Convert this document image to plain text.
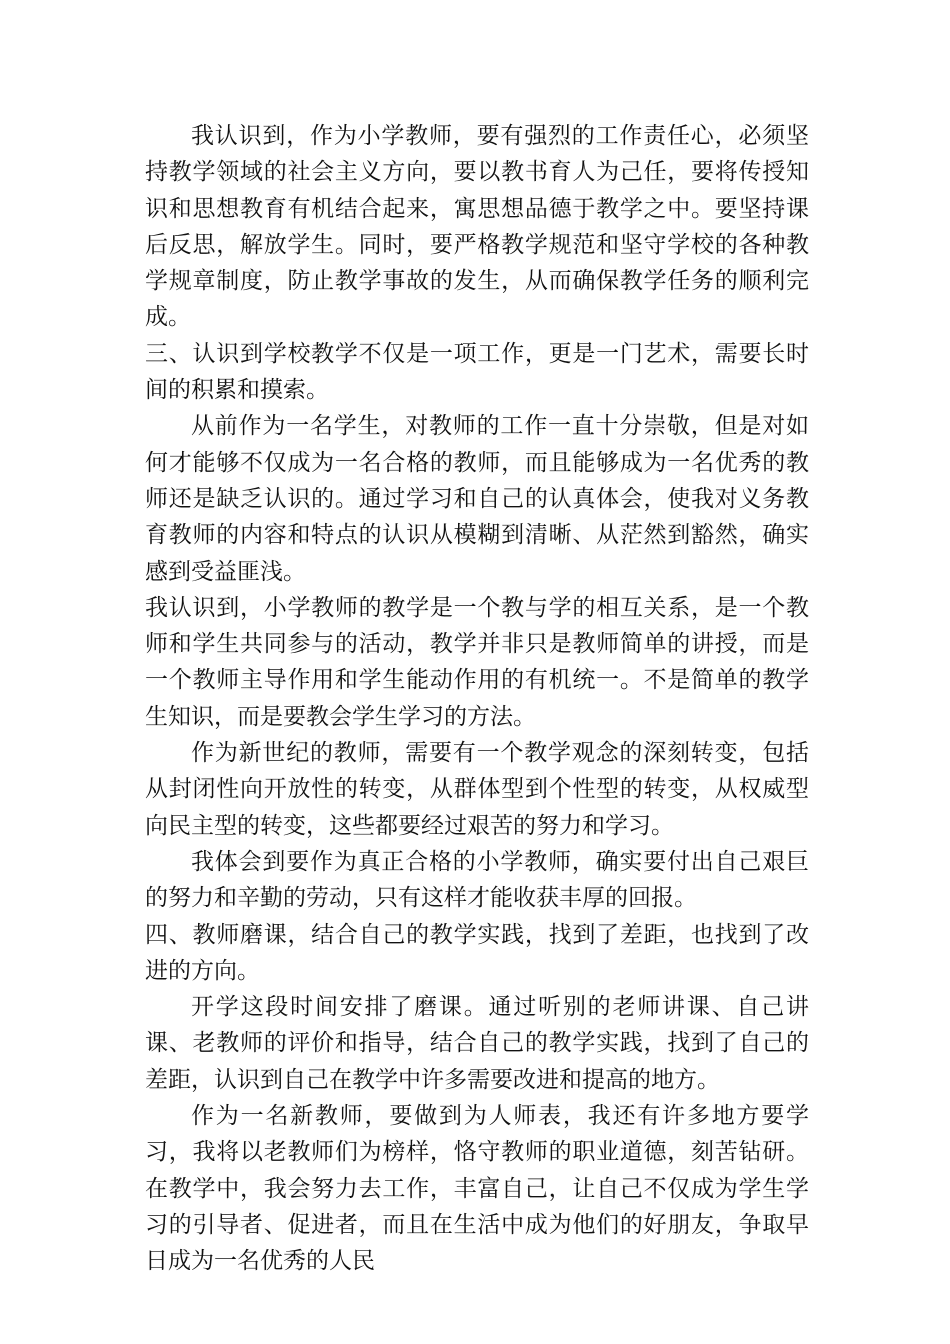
我认识到，作为小学教师，要有强烈的工作责任心，必须坚持教学领域的社会主义方向，要以教书育人为己任，要将传授知识和思想教育有机结合起来，寓思想品德于教学之中。要坚持课后反思，解放学生。同时，要严格教学规范和坚守学校的各种教学规章制度，防止教学事故的发生，从而确保教学任务的顺利完成。

三、认识到学校教学不仅是一项工作，更是一门艺术，需要长时间的积累和摸索。

从前作为一名学生，对教师的工作一直十分崇敬，但是对如何才能够不仅成为一名合格的教师，而且能够成为一名优秀的教师还是缺乏认识的。通过学习和自己的认真体会，使我对义务教育教师的内容和特点的认识从模糊到清晰、从茫然到豁然，确实感到受益匪浅。

我认识到，小学教师的教学是一个教与学的相互关系，是一个教师和学生共同参与的活动，教学并非只是教师简单的讲授，而是一个教师主导作用和学生能动作用的有机统一。不是简单的教学生知识，而是要教会学生学习的方法。

作为新世纪的教师，需要有一个教学观念的深刻转变，包括从封闭性向开放性的转变，从群体型到个性型的转变，从权威型向民主型的转变，这些都要经过艰苦的努力和学习。

我体会到要作为真正合格的小学教师，确实要付出自己艰巨的努力和辛勤的劳动，只有这样才能收获丰厚的回报。

四、教师磨课，结合自己的教学实践，找到了差距，也找到了改进的方向。

开学这段时间安排了磨课。通过听别的老师讲课、自己讲课、老教师的评价和指导，结合自己的教学实践，找到了自己的差距，认识到自己在教学中许多需要改进和提高的地方。

作为一名新教师，要做到为人师表，我还有许多地方要学习，我将以老教师们为榜样，恪守教师的职业道德，刻苦钻研。在教学中，我会努力去工作，丰富自己，让自己不仅成为学生学习的引导者、促进者，而且在生活中成为他们的好朋友，争取早日成为一名优秀的人民
